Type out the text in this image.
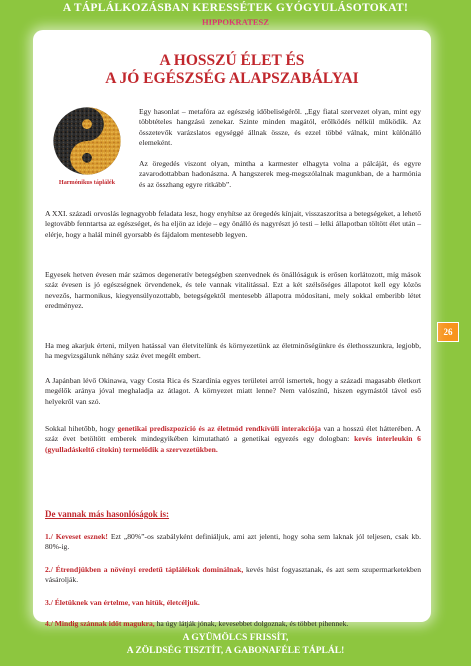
A TÁPLÁLKOZÁSBAN KERESSÉTEK GYÓGYULÁSOTOKAT!
HIPPOKRATESZ
26
A HOSSZÚ ÉLET ÉS
A JÓ EGÉSZSÉG ALAPSZABÁLYAI
Harmónikus táplálék
Egy hasonlat – metafóra az egészség időbeliségéről. „Egy fiatal szervezet olyan, mint egy többtételes hangzású zenekar. Szinte minden magától, erőlködés nélkül működik. Az összetevők varázslatos egységgé állnak össze, és ezzel többé válnak, mint különálló elemeként.
Az öregedés viszont olyan, mintha a karmester elhagyta volna a pálcáját, és egyre zavarodottabban hadonászna. A hangszerek meg-megszólalnak magunkban, de a harmónia és az összhang egyre ritkább”.
A XXI. századi orvoslás legnagyobb feladata lesz, hogy enyhítse az öregedés kínjait, visszaszorítsa a betegségeket, a lehető legtovább fenntartsa az egészséget, és ha eljön az ideje – egy önálló és nagyrészt jó testi – lelki állapotban töltött élet után – elérje, hogy a halál minél gyorsabb és fájdalom mentesebb legyen.
Egyesek hetven évesen már számos degeneratív betegségben szenvednek és önállóságuk is erősen korlátozott, míg mások száz évesen is jó egészségnek örvendenek, és tele vannak vitalitással. Ezt a két szélsőséges állapotot kell egy közös nevezős, harmonikus, kiegyensúlyozottabb, betegségektől mentesebb állapotra módosítani, mely sokkal emberibb létet eredményez.
Ha meg akarjuk érteni, milyen hatással van életvitelünk és környezetünk az életminőségünkre és élethosszunkra, legjobb, ha megvizsgálunk néhány száz évet megélt embert.
A Japánban lévő Okinawa, vagy Costa Rica és Szardínia egyes területei arról ismertek, hogy a századi magasabb életkort megélők aránya jóval meghaladja az átlagot. A környezet miatt lenne? Nem valószínű, hiszen egymástól távol eső helyekről van szó.
Sokkal hihetőbb, hogy genetikai prediszpozíció és az életmód rendkívüli interakciója van a hosszú élet hátterében. A száz évet betöltött emberek mindegyikében kimutatható a genetikai egyezés egy dologban: kevés interleukin 6 (gyulladáskeltő citokin) termelődik a szervezetükben.
De vannak más hasonlóságok is:
1./ Keveset esznek! Ezt „80%”-os szabályként definiáljuk, ami azt jelenti, hogy soha sem laknak jól teljesen, csak kb. 80%-ig.
2./ Étrendjükben a növényi eredetű táplálékok dominálnak, kevés húst fogyasztanak, és azt sem szupermarketekben vásárolják.
3./ Életüknek van értelme, van hitük, életcéljuk.
4./ Mindig szánnak időt magukra, ha úgy látják jónak, kevesebbet dolgoznak, és többet pihennek.
A GYÜMÖLCS FRISSÍT,
A ZÖLDSÉG TISZTÍT, A GABONAFÉLE TÁPLÁL!
